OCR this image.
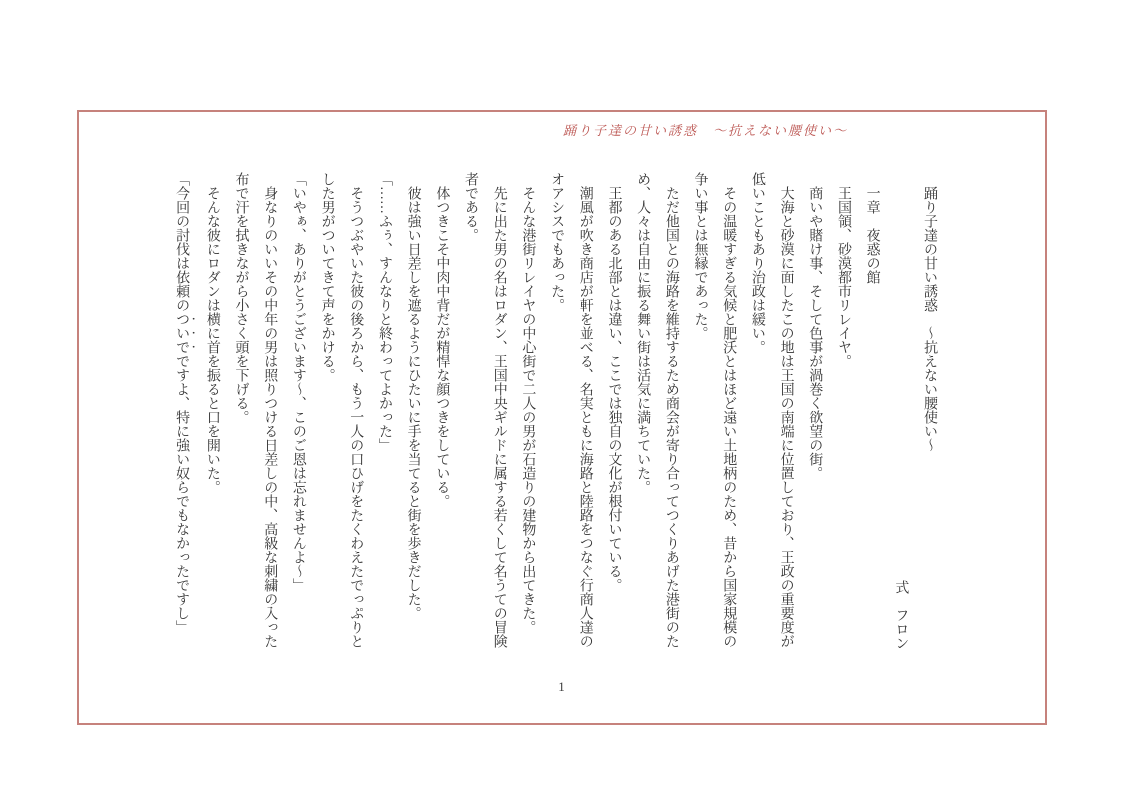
踊り子達の甘い誘惑　～抗えない腰使い～

踊り子達の甘い誘惑　～抗えない腰使い～

式　フロン

一章　夜惑の館

王国領、砂漠都市リレイヤ。

商いや賭け事、そして色事が渦巻く欲望の街。

大海と砂漠に面したこの地は王国の南端に位置しており、王政の重要度が低いこともあり治政は緩い。

その温暖すぎる気候と肥沃とはほど遠い土地柄のため、昔から国家規模の争い事とは無縁であった。

ただ他国との海路を維持するため商会が寄り合ってつくりあげた港街のため、人々は自由に振る舞い街は活気に満ちていた。

王都のある北部とは違い、ここでは独自の文化が根付いている。

潮風が吹き商店が軒を並べる、名実ともに海路と陸路をつなぐ行商人達のオアシスでもあった。

そんな港街リレイヤの中心街で二人の男が石造りの建物から出てきた。

先に出た男の名はロダン、王国中央ギルドに属する若くして名うての冒険者である。

体つきこそ中肉中背だが精悍な顔つきをしている。

彼は強い日差しを遮るようにひたいに手を当てると街を歩きだした。

「……ふぅ、すんなりと終わってよかった」

そうつぶやいた彼の後ろから、もう一人の口ひげをたくわえたでっぷりとした男がついてきて声をかける。

「いやぁ、ありがとうございます～、このご恩は忘れませんよ～」

身なりのいいその中年の男は照りつける日差しの中、高級な刺繍の入った布で汗を拭きながら小さく頭を下げる。

そんな彼にロダンは横に首を振ると口を開いた。

「今回の討伐は依頼のついでですよ、特に強い奴らでもなかったですし」

1
